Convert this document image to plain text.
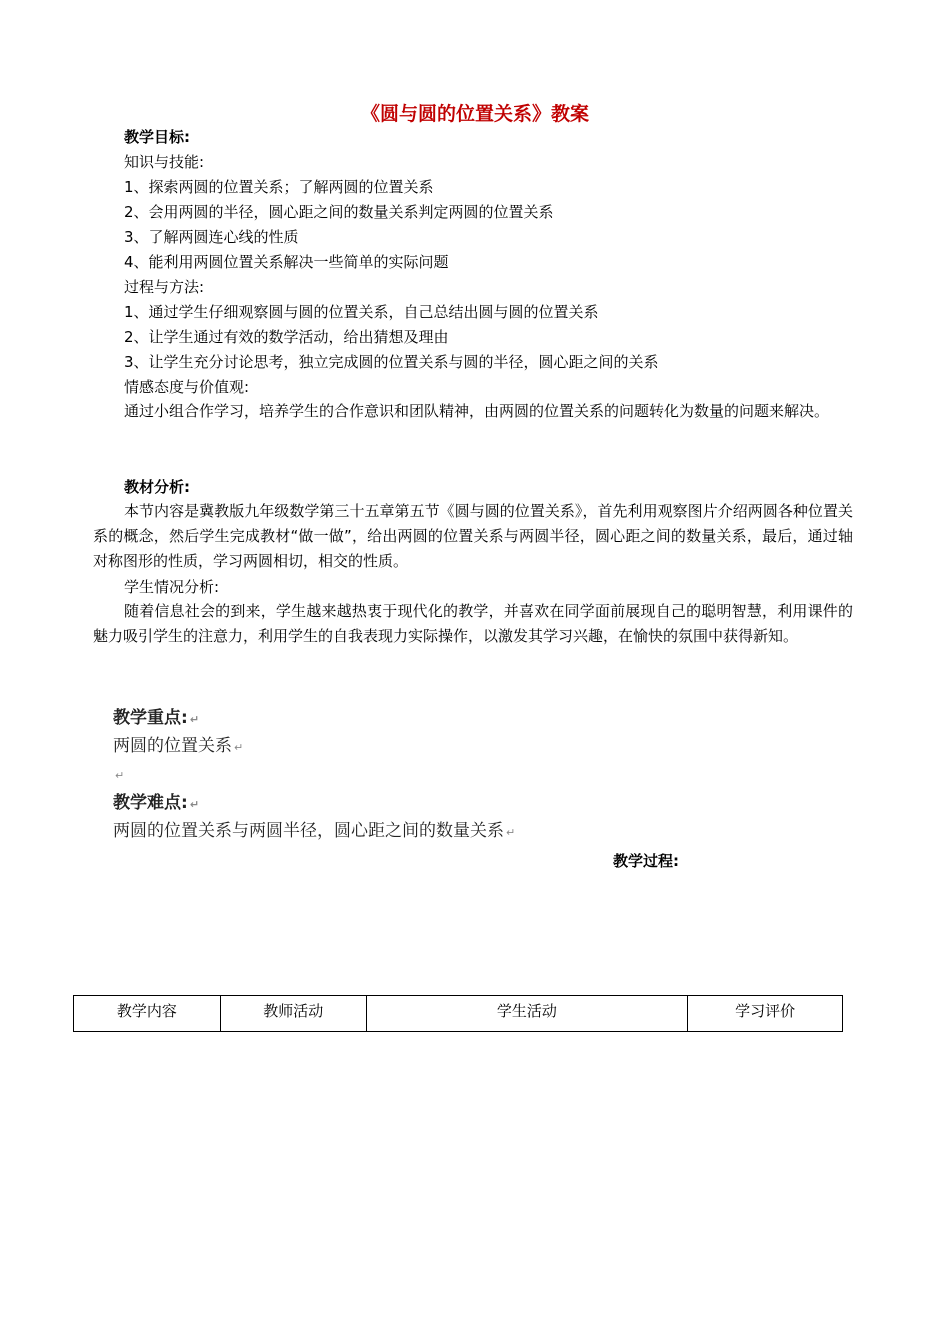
《圆与圆的位置关系》教案
教学目标:
知识与技能:
1、探索两圆的位置关系；了解两圆的位置关系
2、会用两圆的半径，圆心距之间的数量关系判定两圆的位置关系
3、了解两圆连心线的性质
4、能利用两圆位置关系解决一些简单的实际问题
过程与方法:
1、通过学生仔细观察圆与圆的位置关系，自己总结出圆与圆的位置关系
2、让学生通过有效的数学活动，给出猜想及理由
3、让学生充分讨论思考，独立完成圆的位置关系与圆的半径，圆心距之间的关系
情感态度与价值观:
通过小组合作学习，培养学生的合作意识和团队精神，由两圆的位置关系的问题转化为数量的问题来解决。
教材分析:
本节内容是冀教版九年级数学第三十五章第五节《圆与圆的位置关系》，首先利用观察图片介绍两圆各种位置关系的概念，然后学生完成教材“做一做”，给出两圆的位置关系与两圆半径，圆心距之间的数量关系，最后，通过轴对称图形的性质，学习两圆相切，相交的性质。
学生情况分析:
随着信息社会的到来，学生越来越热衷于现代化的教学，并喜欢在同学面前展现自己的聪明智慧，利用课件的魅力吸引学生的注意力，利用学生的自我表现力实际操作，以激发其学习兴趣，在愉快的氛围中获得新知。
教学重点: ↵
两圆的位置关系 ↵
↵
教学难点: ↵
两圆的位置关系与两圆半径，圆心距之间的数量关系 ↵
教学过程:
教学内容	教师活动	学生活动	学习评价
